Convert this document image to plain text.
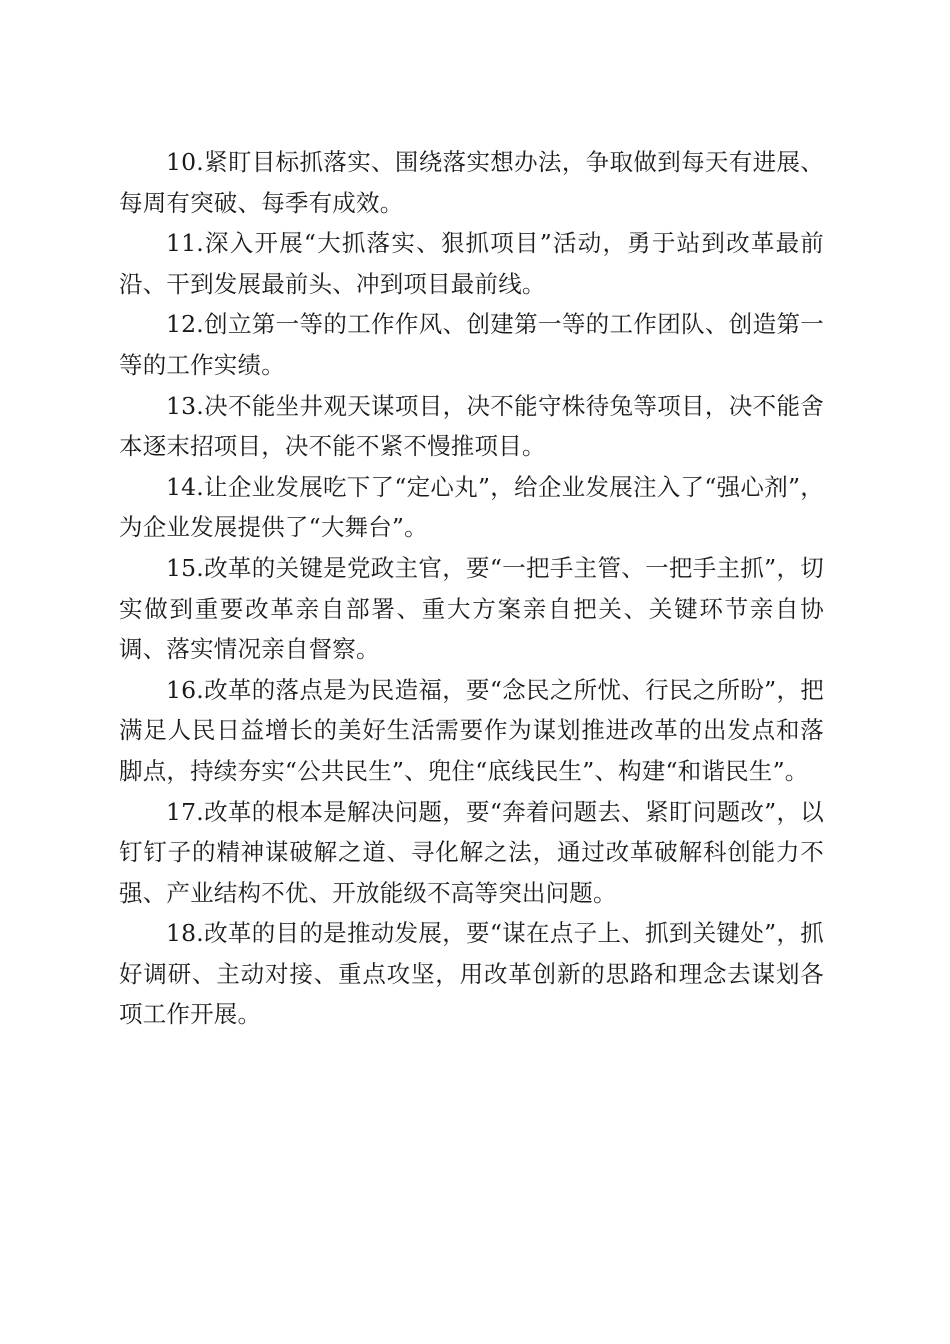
10.紧盯目标抓落实、围绕落实想办法，争取做到每天有进展、每周有突破、每季有成效。

11.深入开展“大抓落实、狠抓项目”活动，勇于站到改革最前沿、干到发展最前头、冲到项目最前线。

12.创立第一等的工作作风、创建第一等的工作团队、创造第一等的工作实绩。

13.决不能坐井观天谋项目，决不能守株待兔等项目，决不能舍本逐末招项目，决不能不紧不慢推项目。

14.让企业发展吃下了“定心丸”，给企业发展注入了“强心剂”，为企业发展提供了“大舞台”。

15.改革的关键是党政主官，要“一把手主管、一把手主抓”，切实做到重要改革亲自部署、重大方案亲自把关、关键环节亲自协调、落实情况亲自督察。

16.改革的落点是为民造福，要“念民之所忧、行民之所盼”，把满足人民日益增长的美好生活需要作为谋划推进改革的出发点和落脚点，持续夯实“公共民生”、兜住“底线民生”、构建“和谐民生”。

17.改革的根本是解决问题，要“奔着问题去、紧盯问题改”，以钉钉子的精神谋破解之道、寻化解之法，通过改革破解科创能力不强、产业结构不优、开放能级不高等突出问题。

18.改革的目的是推动发展，要“谋在点子上、抓到关键处”，抓好调研、主动对接、重点攻坚，用改革创新的思路和理念去谋划各项工作开展。
